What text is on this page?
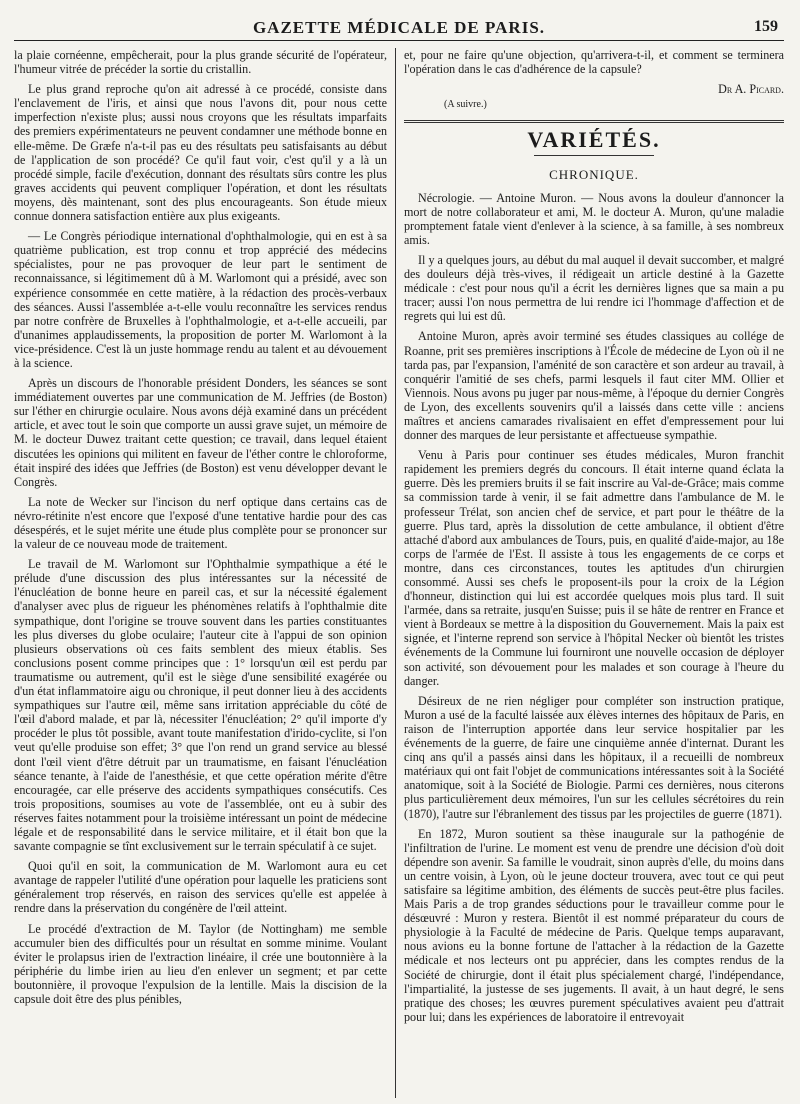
GAZETTE MÉDICALE DE PARIS.	159

la plaie cornéenne, empêcherait, pour la plus grande sécurité de l'opérateur, l'humeur vitrée de précéder la sortie du cristallin.

Le plus grand reproche qu'on ait adressé à ce procédé, consiste dans l'enclavement de l'iris, et ainsi que nous l'avons dit, pour nous cette imperfection n'existe plus; aussi nous croyons que les résultats imparfaits des premiers expérimentateurs ne peuvent condamner une méthode bonne en elle-même. De Græfe n'a-t-il pas eu des résultats peu satisfaisants au début de l'application de son procédé? Ce qu'il faut voir, c'est qu'il y a là un procédé simple, facile d'exécution, donnant des résultats sûrs contre les plus graves accidents qui peuvent compliquer l'opération, et dont les résultats moyens, dès maintenant, sont des plus encourageants. Son étude mieux connue donnera satisfaction entière aux plus exigeants.

— Le Congrès périodique international d'ophthalmologie, qui en est à sa quatrième publication, est trop connu et trop apprécié des médecins spécialistes, pour ne pas provoquer de leur part le sentiment de reconnaissance, si légitimement dû à M. Warlomont qui a présidé, avec son expérience consommée en cette matière, à la rédaction des procès-verbaux des séances. Aussi l'assemblée a-t-elle voulu reconnaître les services rendus par notre confrère de Bruxelles à l'ophthalmologie, et a-t-elle accueili, par d'unanimes applaudissements, la proposition de porter M. Warlomont à la vice-présidence. C'est là un juste hommage rendu au talent et au dévouement à la science.

Après un discours de l'honorable président Donders, les séances se sont immédiatement ouvertes par une communication de M. Jeffries (de Boston) sur l'éther en chirurgie oculaire. Nous avons déjà examiné dans un précédent article, et avec tout le soin que comporte un aussi grave sujet, un mémoire de M. le docteur Duwez traitant cette question; ce travail, dans lequel étaient discutées les opinions qui militent en faveur de l'éther contre le chloroforme, était inspiré des idées que Jeffries (de Boston) est venu développer devant le Congrès.

La note de Wecker sur l'incison du nerf optique dans certains cas de névro-rétinite n'est encore que l'exposé d'une tentative hardie pour des cas désespérés, et le sujet mérite une étude plus complète pour se prononcer sur la valeur de ce nouveau mode de traitement.

Le travail de M. Warlomont sur l'Ophthalmie sympathique a été le prélude d'une discussion des plus intéressantes sur la nécessité de l'énucléation de bonne heure en pareil cas, et sur la nécessité également d'analyser avec plus de rigueur les phénomènes relatifs à l'ophthalmie dite sympathique, dont l'origine se trouve souvent dans les parties constituantes les plus diverses du globe oculaire; l'auteur cite à l'appui de son opinion plusieurs observations où ces faits semblent des mieux établis. Ses conclusions posent comme principes que : 1° lorsqu'un œil est perdu par traumatisme ou autrement, qu'il est le siège d'une sensibilité exagérée ou d'un état inflammatoire aigu ou chronique, il peut donner lieu à des accidents sympathiques sur l'autre œil, même sans irritation appréciable du côté de l'œil d'abord malade, et par là, nécessiter l'énucléation; 2° qu'il importe d'y procéder le plus tôt possible, avant toute manifestation d'irido-cyclite, si l'on veut qu'elle produise son effet; 3° que l'on rend un grand service au blessé dont l'œil vient d'être détruit par un traumatisme, en faisant l'énucléation séance tenante, à l'aide de l'anesthésie, et que cette opération mérite d'être encouragée, car elle préserve des accidents sympathiques consécutifs. Ces trois propositions, soumises au vote de l'assemblée, ont eu à subir des réserves faites notamment pour la troisième intéressant un point de médecine légale et de responsabilité dans le service militaire, et il était bon que la savante compagnie se tînt exclusivement sur le terrain spéculatif à ce sujet.

Quoi qu'il en soit, la communication de M. Warlomont aura eu cet avantage de rappeler l'utilité d'une opération pour laquelle les praticiens sont généralement trop réservés, en raison des services qu'elle est appelée à rendre dans la préservation du congénère de l'œil atteint.

Le procédé d'extraction de M. Taylor (de Nottingham) me semble accumuler bien des difficultés pour un résultat en somme minime. Voulant éviter le prolapsus irien de l'extraction linéaire, il crée une boutonnière à la périphérie du limbe irien au lieu d'en enlever un segment; et par cette boutonnière, il provoque l'expulsion de la lentille. Mais la discision de la capsule doit être des plus pénibles,

et, pour ne faire qu'une objection, qu'arrivera-t-il, et comment se terminera l'opération dans le cas d'adhérence de la capsule?

Dr A. Picard.
(A suivre.)
VARIÉTÉS.
CHRONIQUE.

Nécrologie. — Antoine Muron. — Nous avons la douleur d'annoncer la mort de notre collaborateur et ami, M. le docteur A. Muron, qu'une maladie promptement fatale vient d'enlever à la science, à sa famille, à ses nombreux amis.

Il y a quelques jours, au début du mal auquel il devait succomber, et malgré des douleurs déjà très-vives, il rédigeait un article destiné à la Gazette médicale : c'est pour nous qu'il a écrit les dernières lignes que sa main a pu tracer; aussi l'on nous permettra de lui rendre ici l'hommage d'affection et de regrets qui lui est dû.

Antoine Muron, après avoir terminé ses études classiques au collége de Roanne, prit ses premières inscriptions à l'École de médecine de Lyon où il ne tarda pas, par l'expansion, l'aménité de son caractère et son ardeur au travail, à conquérir l'amitié de ses chefs, parmi lesquels il faut citer MM. Ollier et Viennois. Nous avons pu juger par nous-même, à l'époque du dernier Congrès de Lyon, des excellents souvenirs qu'il a laissés dans cette ville : anciens maîtres et anciens camarades rivalisaient en effet d'empressement pour lui donner des marques de leur persistante et affectueuse sympathie.

Venu à Paris pour continuer ses études médicales, Muron franchit rapidement les premiers degrés du concours. Il était interne quand éclata la guerre. Dès les premiers bruits il se fait inscrire au Val-de-Grâce; mais comme sa commission tarde à venir, il se fait admettre dans l'ambulance de M. le professeur Trélat, son ancien chef de service, et part pour le théâtre de la guerre. Plus tard, après la dissolution de cette ambulance, il obtient d'être attaché d'abord aux ambulances de Tours, puis, en qualité d'aide-major, au 18e corps de l'armée de l'Est. Il assiste à tous les engagements de ce corps et montre, dans ces circonstances, toutes les aptitudes d'un chirurgien consommé. Aussi ses chefs le proposent-ils pour la croix de la Légion d'honneur, distinction qui lui est accordée quelques mois plus tard. Il suit l'armée, dans sa retraite, jusqu'en Suisse; puis il se hâte de rentrer en France et vient à Bordeaux se mettre à la disposition du Gouvernement. Mais la paix est signée, et l'interne reprend son service à l'hôpital Necker où bientôt les tristes événements de la Commune lui fourniront une nouvelle occasion de déployer son activité, son dévouement pour les malades et son courage à l'heure du danger.

Désireux de ne rien négliger pour compléter son instruction pratique, Muron a usé de la faculté laissée aux élèves internes des hôpitaux de Paris, en raison de l'interruption apportée dans leur service hospitalier par les événements de la guerre, de faire une cinquième année d'internat. Durant les cinq ans qu'il a passés ainsi dans les hôpitaux, il a recueilli de nombreux matériaux qui ont fait l'objet de communications intéressantes soit à la Société anatomique, soit à la Société de Biologie. Parmi ces dernières, nous citerons plus particulièrement deux mémoires, l'un sur les cellules sécrétoires du rein (1870), l'autre sur l'ébranlement des tissus par les projectiles de guerre (1871).

En 1872, Muron soutient sa thèse inaugurale sur la pathogénie de l'infiltration de l'urine. Le moment est venu de prendre une décision d'où doit dépendre son avenir. Sa famille le voudrait, sinon auprès d'elle, du moins dans un centre voisin, à Lyon, où le jeune docteur trouvera, avec tout ce qui peut satisfaire sa légitime ambition, des éléments de succès peut-être plus faciles. Mais Paris a de trop grandes séductions pour le travailleur comme pour le désœuvré : Muron y restera. Bientôt il est nommé préparateur du cours de physiologie à la Faculté de médecine de Paris. Quelque temps auparavant, nous avions eu la bonne fortune de l'attacher à la rédaction de la Gazette médicale et nos lecteurs ont pu apprécier, dans les comptes rendus de la Société de chirurgie, dont il était plus spécialement chargé, l'indépendance, l'impartialité, la justesse de ses jugements. Il avait, à un haut degré, le sens pratique des choses; les œuvres purement spéculatives avaient peu d'attrait pour lui; dans les expériences de laboratoire il entrevoyait
